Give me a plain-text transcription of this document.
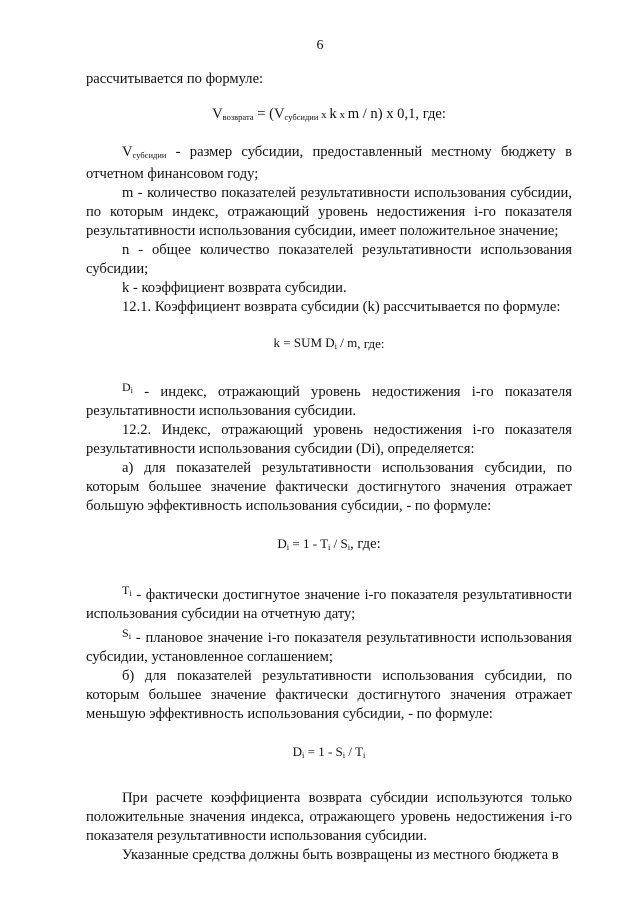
6

рассчитывается по формуле:

$V_{возврата} = (V_{субсидии}$ x k x m / n) x 0,1, где:

$V_{субсидии}$ - размер субсидии, предоставленный местному бюджету в отчетном финансовом году;

m - количество показателей результативности использования субсидии, по которым индекс, отражающий уровень недостижения i-го показателя результативности использования субсидии, имеет положительное значение;

n - общее количество показателей результативности использования субсидии;

k - коэффициент возврата субсидии.

12.1. Коэффициент возврата субсидии (k) рассчитывается по формуле:

k = SUM $D_i$ / m, где:

$^{Di}$ - индекс, отражающий уровень недостижения i-го показателя результативности использования субсидии.

12.2. Индекс, отражающий уровень недостижения i-го показателя результативности использования субсидии (Di), определяется:

а) для показателей результативности использования субсидии, по которым большее значение фактически достигнутого значения отражает большую эффективность использования субсидии, - по формуле:

$D_i = 1 - T_i / S_i$, где:

$^{Ti}$ - фактически достигнутое значение i-го показателя результативности использования субсидии на отчетную дату;

$^{Si}$ - плановое значение i-го показателя результативности использования субсидии, установленное соглашением;

б) для показателей результативности использования субсидии, по которым большее значение фактически достигнутого значения отражает меньшую эффективность использования субсидии, - по формуле:

$D_i = 1 - S_i / T_i$

При расчете коэффициента возврата субсидии используются только положительные значения индекса, отражающего уровень недостижения i-го показателя результативности использования субсидии.

Указанные средства должны быть возвращены из местного бюджета в
